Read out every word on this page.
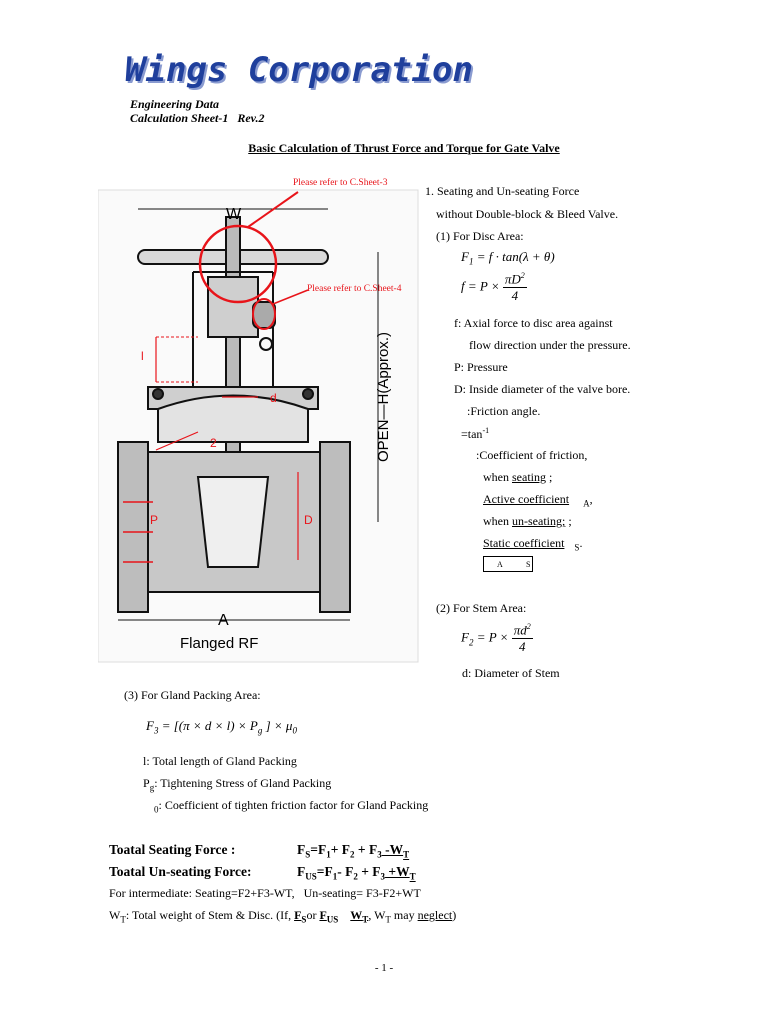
Wings Corporation
Engineering Data
Calculation Sheet-1   Rev.2
Basic Calculation of Thrust Force and Torque for Gate Valve
W
A
Flanged RF
OPEN—H(Approx.)
l
d
2
P	D
Please refer to C.Sheet-3
Please refer to C.Sheet-4
1. Seating and Un-seating Force
without Double-block & Bleed Valve.
(1) For Disc Area:
$F_1 = f \cdot \tan(\lambda + \theta)$
$f = P \times \frac{\pi D^2}{4}$
f: Axial force to disc area against
flow direction under the pressure.
P: Pressure
D: Inside diameter of the valve bore.
:Friction angle.
$=\tan^{-1}$
:Coefficient of friction,
when seating ;
Active coefficient $_A$,
when un-seating; ;
Static coefficient $_S$.
A	S
(2) For Stem Area:
$F_2 = P \times \frac{\pi d^2}{4}$
d: Diameter of Stem
(3) For Gland Packing Area:
$F_3 = [(\pi \times d \times l) \times P_g$ ] × $\mu_0$
l: Total length of Gland Packing
$P_g$: Tightening Stress of Gland Packing
$_0$: Coefficient of tighten friction factor for Gland Packing
Toatal Seating Force :	$F_S=F_1+ F_2 + F_3$ $-W_T$
Toatal Un-seating Force:	$F_{US}=F_1-$ $F_2 + F_3 +W_T$
For intermediate: Seating=F2+F3-WT,   Un-seating= F3-F2+WT
$W_T$: Total weight of Stem & Disc. (If, $F_Sor$ $F_{US}$ $W_T$, $W_T$ may neglect)
- 1 -
